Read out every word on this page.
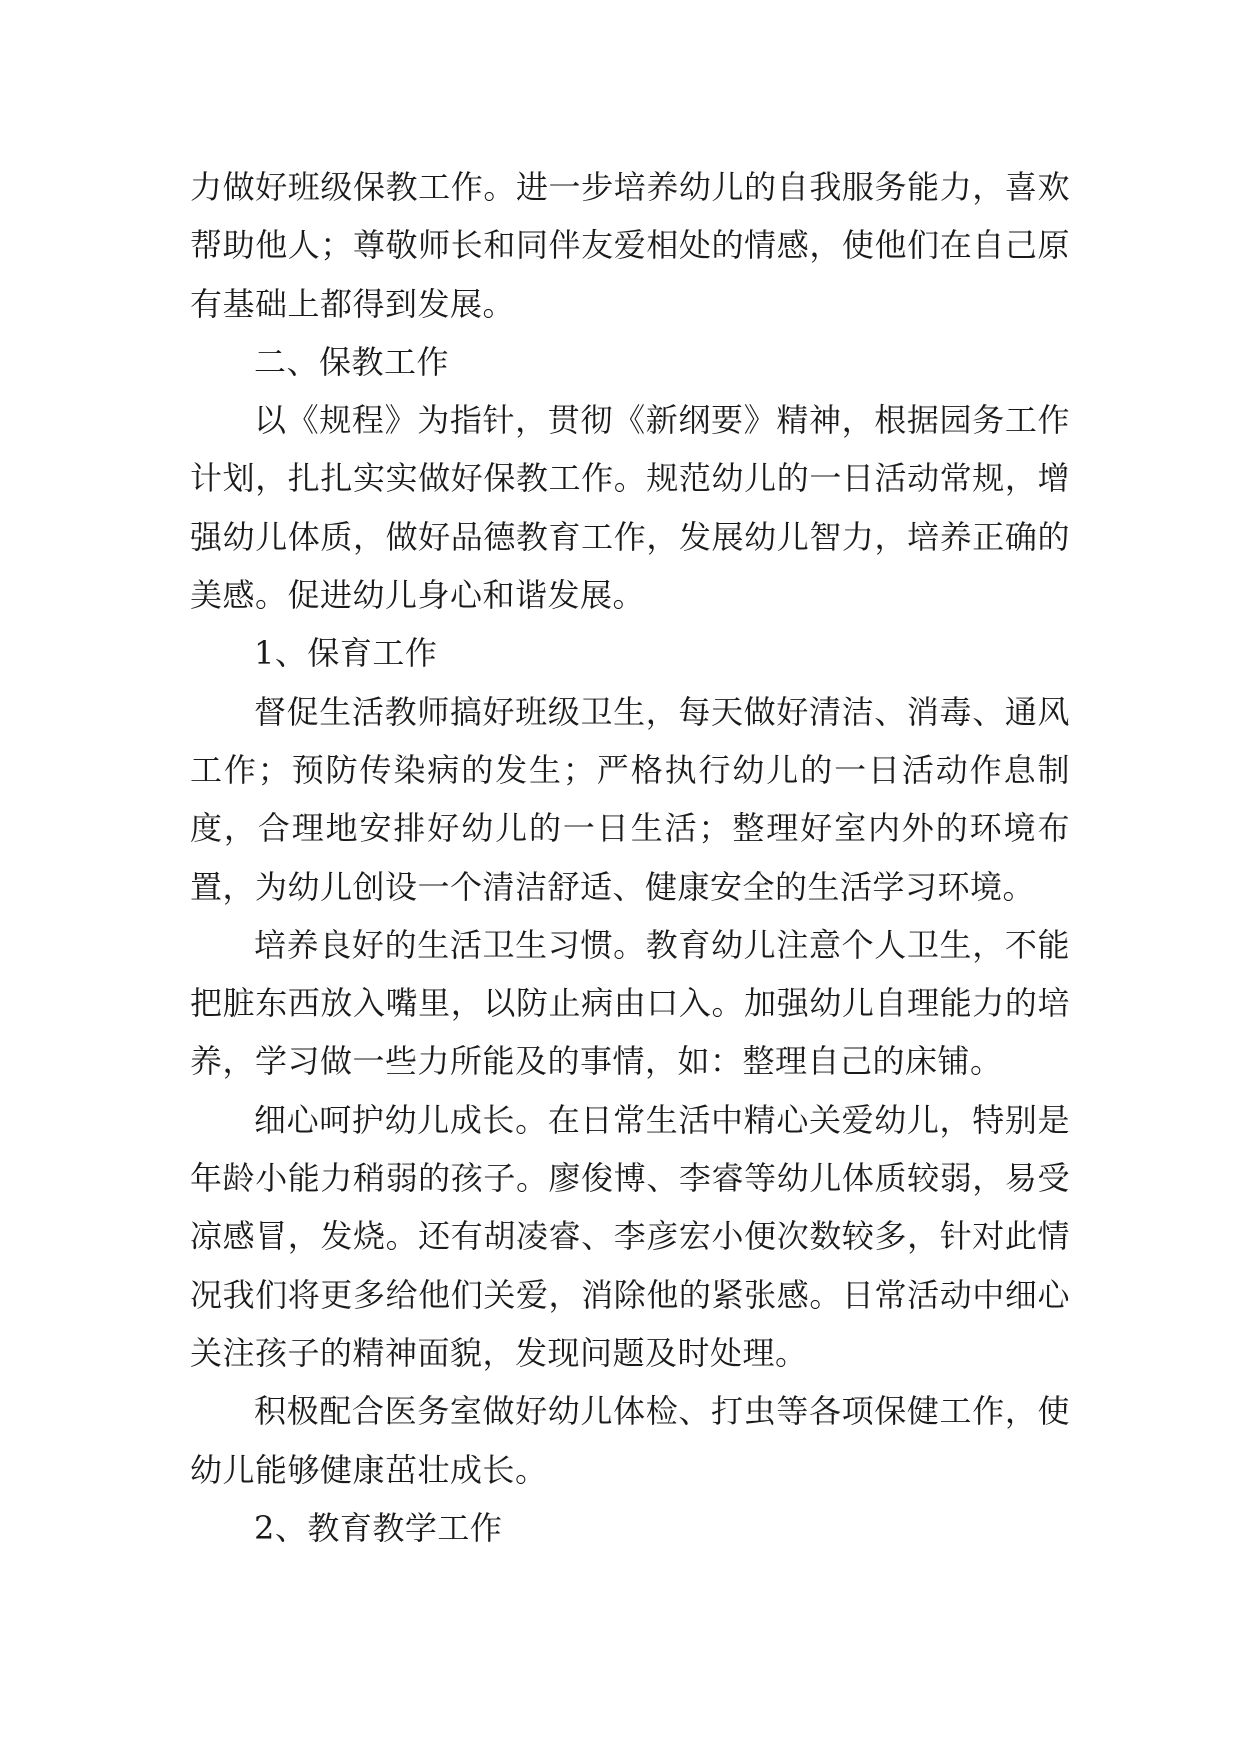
力做好班级保教工作。进一步培养幼儿的自我服务能力，喜欢帮助他人；尊敬师长和同伴友爱相处的情感，使他们在自己原有基础上都得到发展。

二、保教工作

以《规程》为指针，贯彻《新纲要》精神，根据园务工作计划，扎扎实实做好保教工作。规范幼儿的一日活动常规，增强幼儿体质，做好品德教育工作，发展幼儿智力，培养正确的美感。促进幼儿身心和谐发展。

1、保育工作

督促生活教师搞好班级卫生，每天做好清洁、消毒、通风工作；预防传染病的发生；严格执行幼儿的一日活动作息制度，合理地安排好幼儿的一日生活；整理好室内外的环境布置，为幼儿创设一个清洁舒适、健康安全的生活学习环境。

培养良好的生活卫生习惯。教育幼儿注意个人卫生，不能把脏东西放入嘴里，以防止病由口入。加强幼儿自理能力的培养，学习做一些力所能及的事情，如：整理自己的床铺。

细心呵护幼儿成长。在日常生活中精心关爱幼儿，特别是年龄小能力稍弱的孩子。廖俊博、李睿等幼儿体质较弱，易受凉感冒，发烧。还有胡凌睿、李彦宏小便次数较多，针对此情况我们将更多给他们关爱，消除他的紧张感。日常活动中细心关注孩子的精神面貌，发现问题及时处理。

积极配合医务室做好幼儿体检、打虫等各项保健工作，使幼儿能够健康茁壮成长。

2、教育教学工作
